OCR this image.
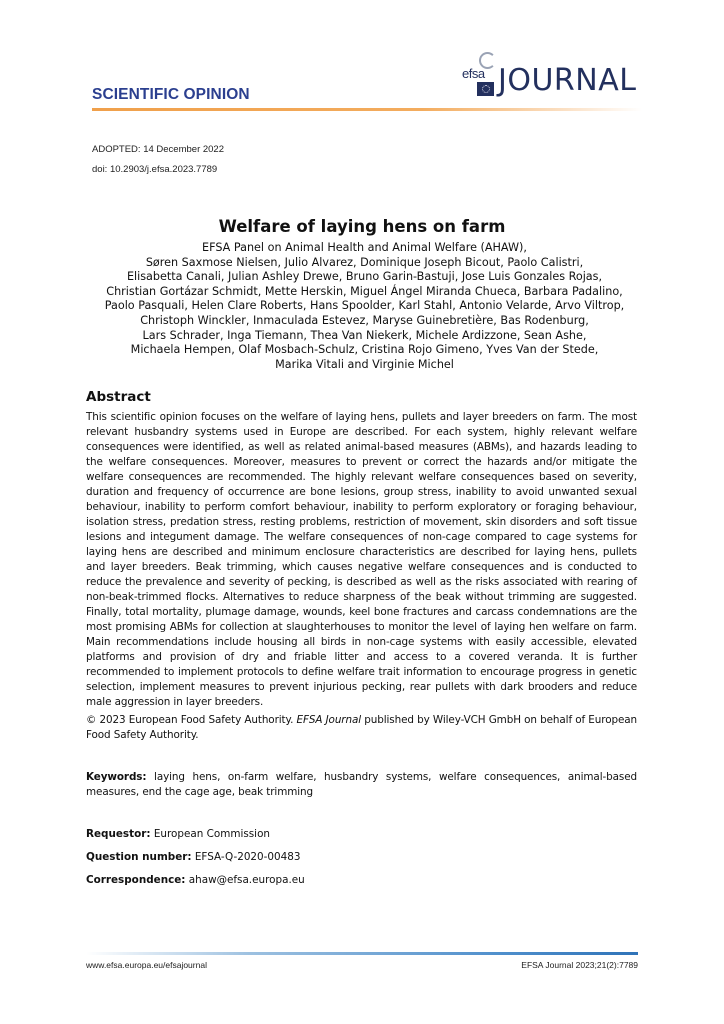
SCIENTIFIC OPINION
efsa JOURNAL
ADOPTED: 14 December 2022
doi: 10.2903/j.efsa.2023.7789
Welfare of laying hens on farm
EFSA Panel on Animal Health and Animal Welfare (AHAW),
Søren Saxmose Nielsen, Julio Alvarez, Dominique Joseph Bicout, Paolo Calistri,
Elisabetta Canali, Julian Ashley Drewe, Bruno Garin-Bastuji, Jose Luis Gonzales Rojas,
Christian Gortázar Schmidt, Mette Herskin, Miguel Ángel Miranda Chueca, Barbara Padalino,
Paolo Pasquali, Helen Clare Roberts, Hans Spoolder, Karl Stahl, Antonio Velarde, Arvo Viltrop,
Christoph Winckler, Inmaculada Estevez, Maryse Guinebretière, Bas Rodenburg,
Lars Schrader, Inga Tiemann, Thea Van Niekerk, Michele Ardizzone, Sean Ashe,
Michaela Hempen, Olaf Mosbach-Schulz, Cristina Rojo Gimeno, Yves Van der Stede,
Marika Vitali and Virginie Michel
Abstract
This scientific opinion focuses on the welfare of laying hens, pullets and layer breeders on farm. The most relevant husbandry systems used in Europe are described. For each system, highly relevant welfare consequences were identified, as well as related animal-based measures (ABMs), and hazards leading to the welfare consequences. Moreover, measures to prevent or correct the hazards and/or mitigate the welfare consequences are recommended. The highly relevant welfare consequences based on severity, duration and frequency of occurrence are bone lesions, group stress, inability to avoid unwanted sexual behaviour, inability to perform comfort behaviour, inability to perform exploratory or foraging behaviour, isolation stress, predation stress, resting problems, restriction of movement, skin disorders and soft tissue lesions and integument damage. The welfare consequences of non-cage compared to cage systems for laying hens are described and minimum enclosure characteristics are described for laying hens, pullets and layer breeders. Beak trimming, which causes negative welfare consequences and is conducted to reduce the prevalence and severity of pecking, is described as well as the risks associated with rearing of non-beak-trimmed flocks. Alternatives to reduce sharpness of the beak without trimming are suggested. Finally, total mortality, plumage damage, wounds, keel bone fractures and carcass condemnations are the most promising ABMs for collection at slaughterhouses to monitor the level of laying hen welfare on farm. Main recommendations include housing all birds in non-cage systems with easily accessible, elevated platforms and provision of dry and friable litter and access to a covered veranda. It is further recommended to implement protocols to define welfare trait information to encourage progress in genetic selection, implement measures to prevent injurious pecking, rear pullets with dark brooders and reduce male aggression in layer breeders.
© 2023 European Food Safety Authority. EFSA Journal published by Wiley-VCH GmbH on behalf of European Food Safety Authority.
Keywords: laying hens, on-farm welfare, husbandry systems, welfare consequences, animal-based measures, end the cage age, beak trimming
Requestor: European Commission
Question number: EFSA-Q-2020-00483
Correspondence: ahaw@efsa.europa.eu
www.efsa.europa.eu/efsajournal	EFSA Journal 2023;21(2):7789
